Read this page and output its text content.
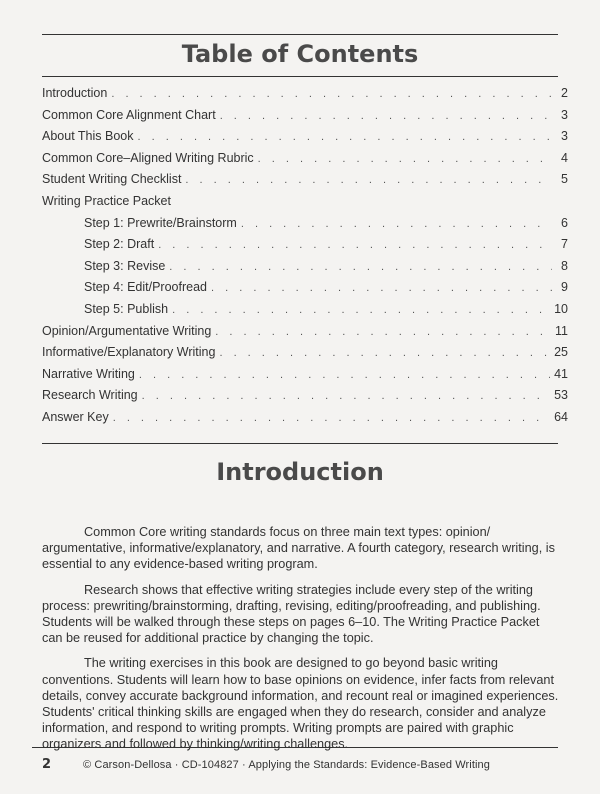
Table of Contents
Introduction . . .	2
Common Core Alignment Chart . . .	3
About This Book . . .	3
Common Core–Aligned Writing Rubric . . .	4
Student Writing Checklist . . .	5
Writing Practice Packet
Step 1: Prewrite/Brainstorm . . .	6
Step 2: Draft . . .	7
Step 3: Revise . . .	8
Step 4: Edit/Proofread . . .	9
Step 5: Publish . . .	10
Opinion/Argumentative Writing . . .	11
Informative/Explanatory Writing . . .	25
Narrative Writing . . .	41
Research Writing . . .	53
Answer Key . . .	64
Introduction

Common Core writing standards focus on three main text types: opinion/ argumentative, informative/explanatory, and narrative. A fourth category, research writing, is essential to any evidence-based writing program.

Research shows that effective writing strategies include every step of the writing process: prewriting/brainstorming, drafting, revising, editing/proofreading, and publishing. Students will be walked through these steps on pages 6–10. The Writing Practice Packet can be reused for additional practice by changing the topic.

The writing exercises in this book are designed to go beyond basic writing conventions. Students will learn how to base opinions on evidence, infer facts from relevant details, convey accurate background information, and recount real or imagined experiences. Students' critical thinking skills are engaged when they do research, consider and analyze information, and respond to writing prompts. Writing prompts are paired with graphic organizers and followed by thinking/writing challenges.

2	© Carson-Dellosa · CD-104827 · Applying the Standards: Evidence-Based Writing
